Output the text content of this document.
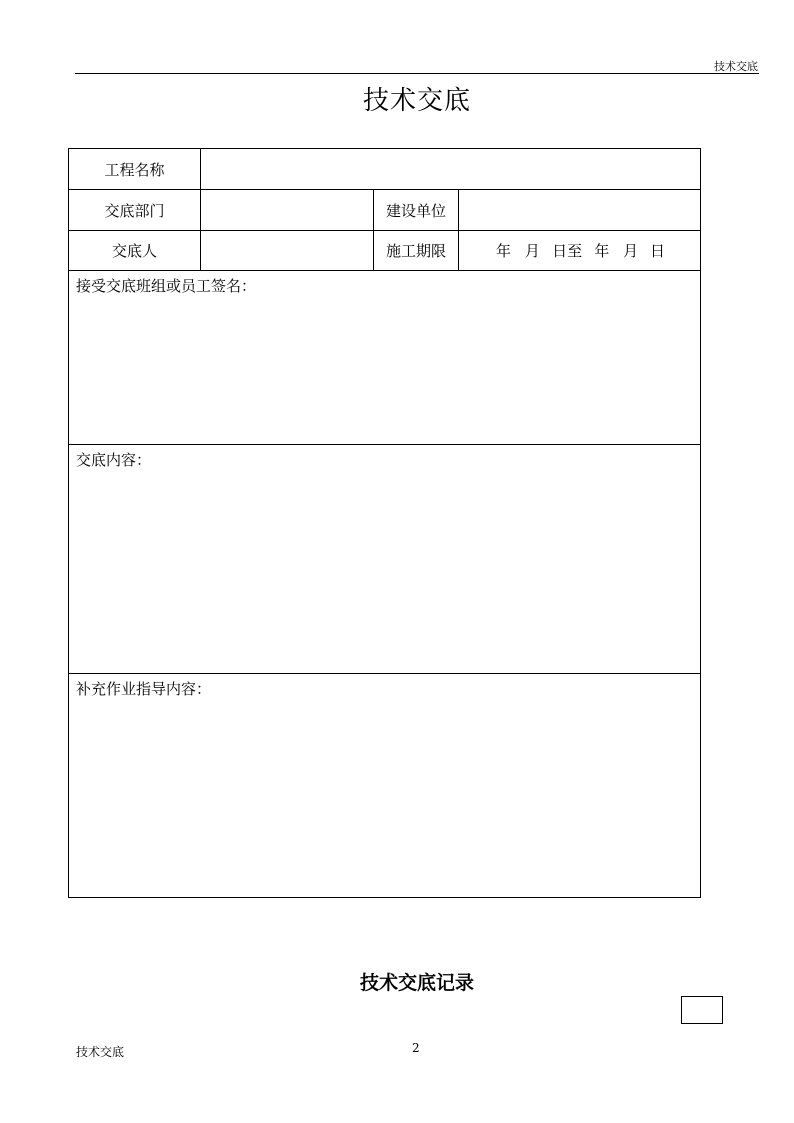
技术交底
技术交底
工程名称			
交底部门		建设单位	
交底人		施工期限	年 月 日至 年 月 日
接受交底班组或员工签名：			
交底内容：			
补充作业指导内容：			
技术交底记录
技术交底	2
